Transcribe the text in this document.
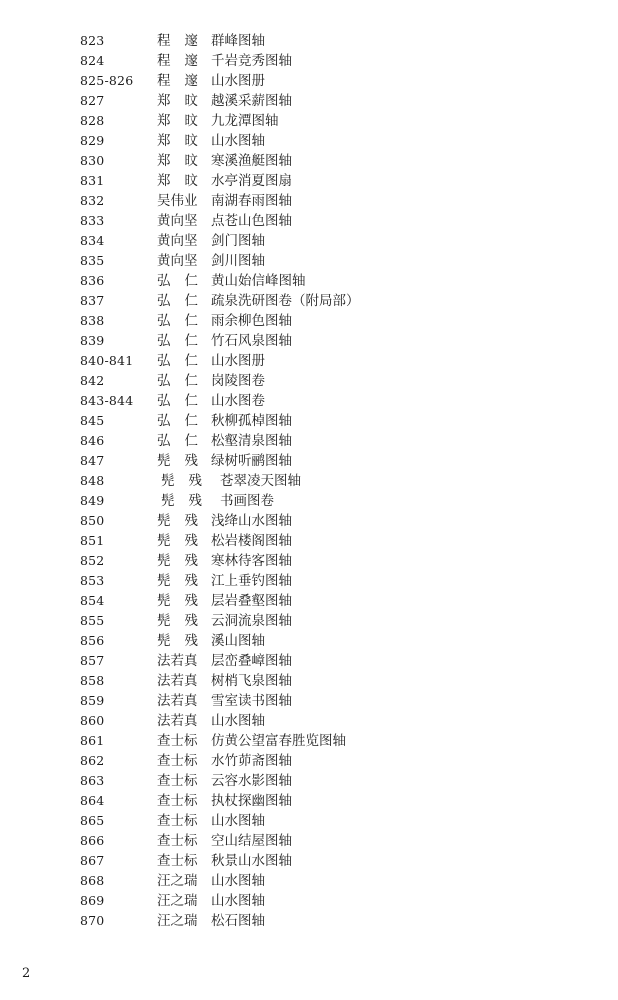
823	程邃 群峰图轴
824	程邃 千岩竞秀图轴
825-826 程邃 山水图册
827	郑旼 越溪采薪图轴
828	郑旼 九龙潭图轴
829	郑旼 山水图轴
830	郑旼 寒溪渔艇图轴
831	郑旼 水亭消夏图扇
832	吴伟业 南湖春雨图轴
833	黄向坚 点苍山色图轴
834	黄向坚 剑门图轴
835	黄向坚 剑川图轴
836	弘仁 黄山始信峰图轴
837	弘仁 疏泉洗研图卷（附局部）
838	弘仁 雨余柳色图轴
839	弘仁 竹石风泉图轴
840-841 弘仁 山水图册
842	弘仁 岗陵图卷
843-844 弘仁 山水图卷
845	弘仁 秋柳孤棹图轴
846	弘仁 松壑清泉图轴
847	髡残 绿树听鹂图轴
848	髡残 苍翠凌天图轴
849	髡残 书画图卷
850	髡残 浅绛山水图轴
851	髡残 松岩楼阁图轴
852	髡残 寒林待客图轴
853	髡残 江上垂钓图轴
854	髡残 层岩叠壑图轴
855	髡残 云洞流泉图轴
856	髡残 溪山图轴
857	法若真 层峦叠嶂图轴
858	法若真 树梢飞泉图轴
859	法若真 雪室读书图轴
860	法若真 山水图轴
861	查士标 仿黄公望富春胜览图轴
862	查士标 水竹茆斋图轴
863	查士标 云容水影图轴
864	查士标 执杖探幽图轴
865	查士标 山水图轴
866	查士标 空山结屋图轴
867	查士标 秋景山水图轴
868	汪之瑞 山水图轴
869	汪之瑞 山水图轴
870	汪之瑞 松石图轴
2
